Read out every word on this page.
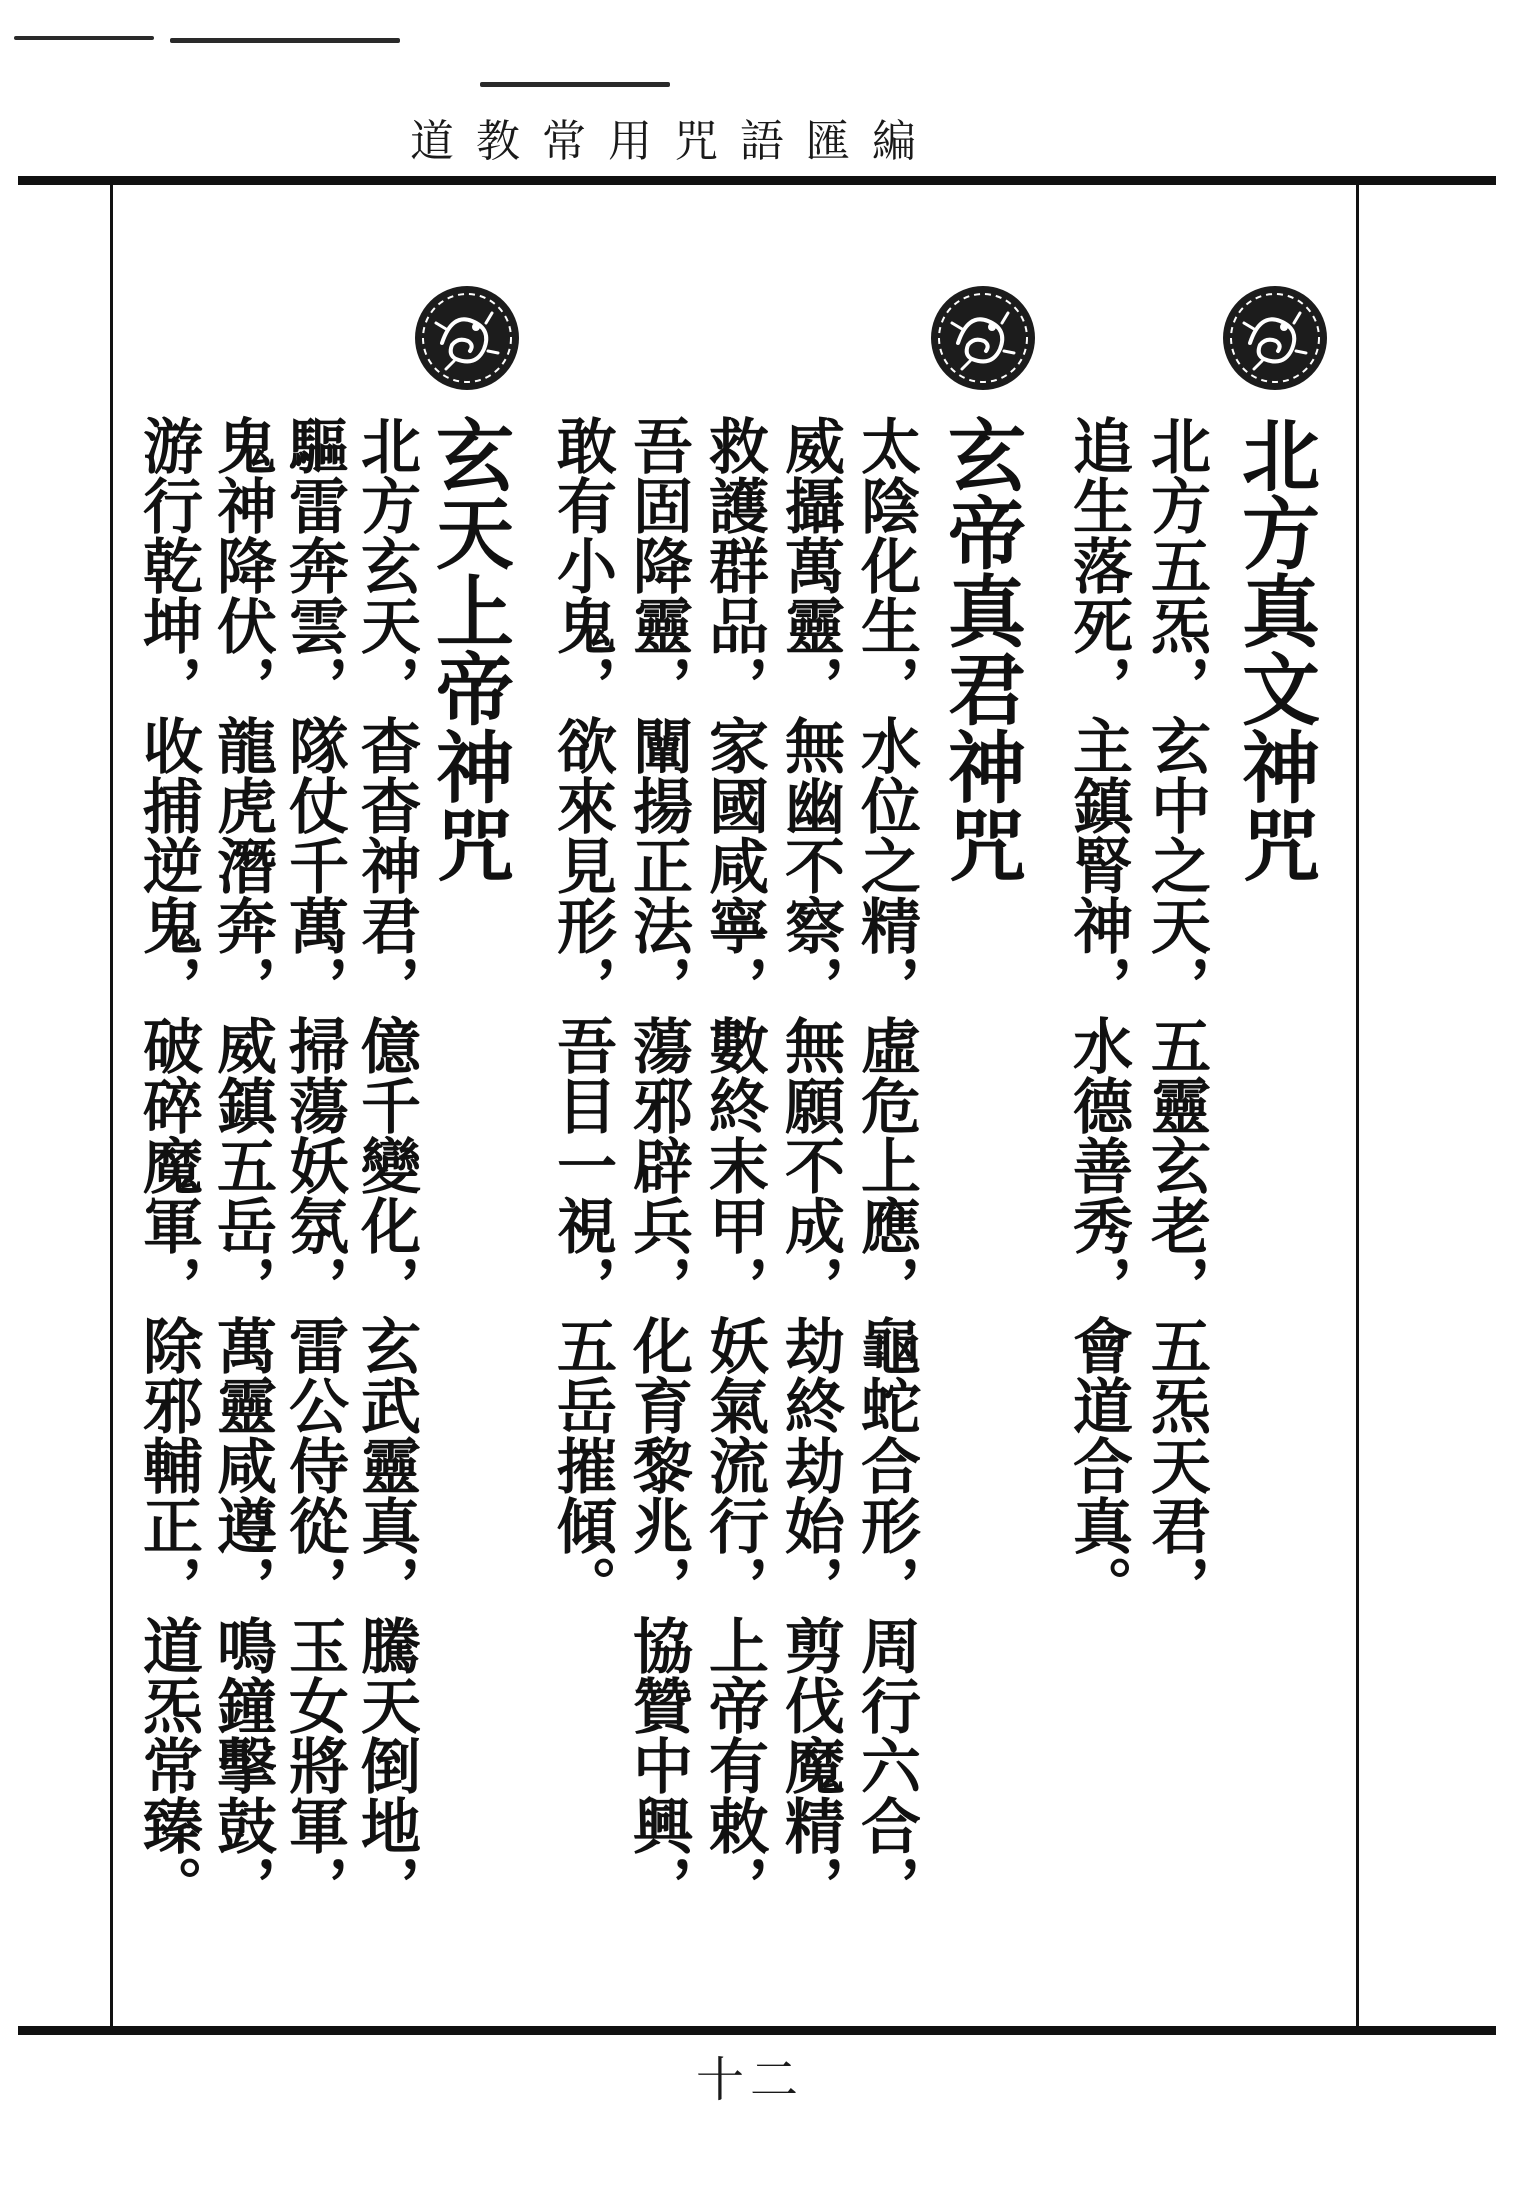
道教常用咒語匯編
北方真文神咒
北方五炁，玄中之天，五靈玄老，五炁天君，
追生落死，主鎮腎神，水德善秀，會道合真。
玄帝真君神咒
太陰化生，水位之精，虛危上應，龜蛇合形，周行六合，
威攝萬靈，無幽不察，無願不成，劫終劫始，剪伐魔精，
救護群品，家國咸寧，數終末甲，妖氣流行，上帝有敕，
吾固降靈，闡揚正法，蕩邪辟兵，化育黎兆，協贊中興，
敢有小鬼，欲來見形，吾目一視，五岳摧傾。
玄天上帝神咒
北方玄天，杳杳神君，億千變化，玄武靈真，騰天倒地，
驅雷奔雲，隊仗千萬，掃蕩妖氛，雷公侍從，玉女將軍，
鬼神降伏，龍虎潛奔，威鎮五岳，萬靈咸遵，鳴鐘擊鼓，
游行乾坤，收捕逆鬼，破碎魔軍，除邪輔正，道炁常臻。
十二
